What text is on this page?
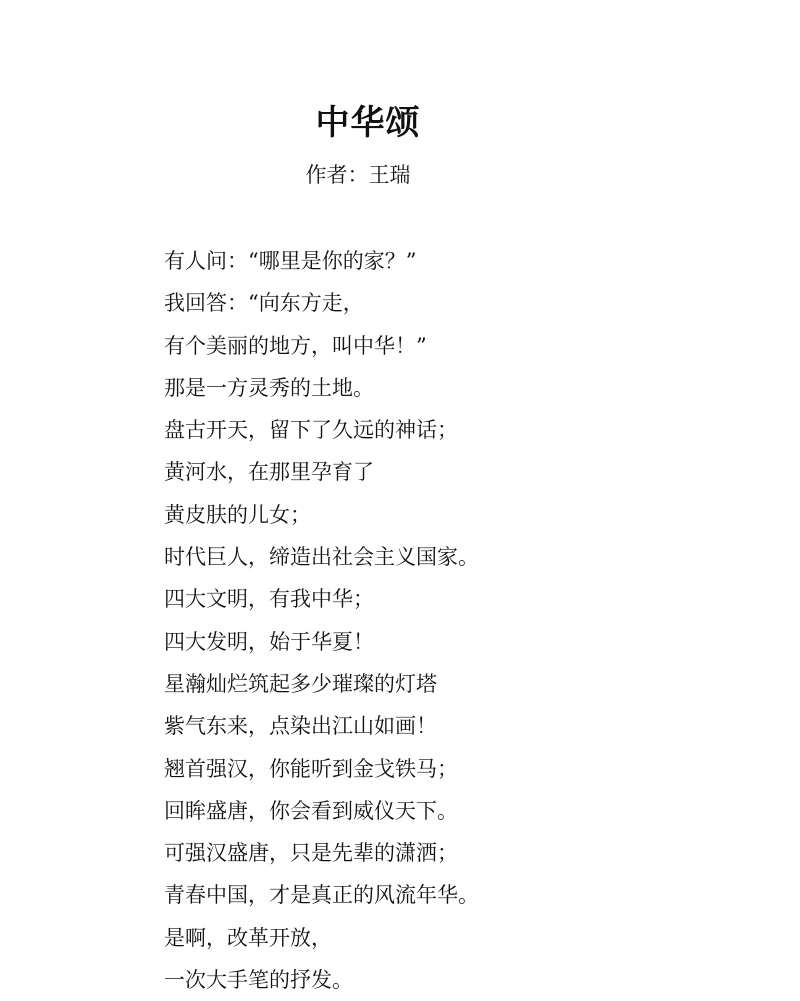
中华颂
作者：王瑞
有人问：“哪里是你的家？”
我回答：“向东方走，
有个美丽的地方，叫中华！”
那是一方灵秀的土地。
盘古开天，留下了久远的神话；
黄河水，在那里孕育了
黄皮肤的儿女；
时代巨人，缔造出社会主义国家。
四大文明，有我中华；
四大发明，始于华夏！
星瀚灿烂筑起多少璀璨的灯塔
紫气东来，点染出江山如画！
翘首强汉，你能听到金戈铁马；
回眸盛唐，你会看到威仪天下。
可强汉盛唐，只是先辈的潇洒；
青春中国，才是真正的风流年华。
是啊，改革开放，
一次大手笔的抒发。
